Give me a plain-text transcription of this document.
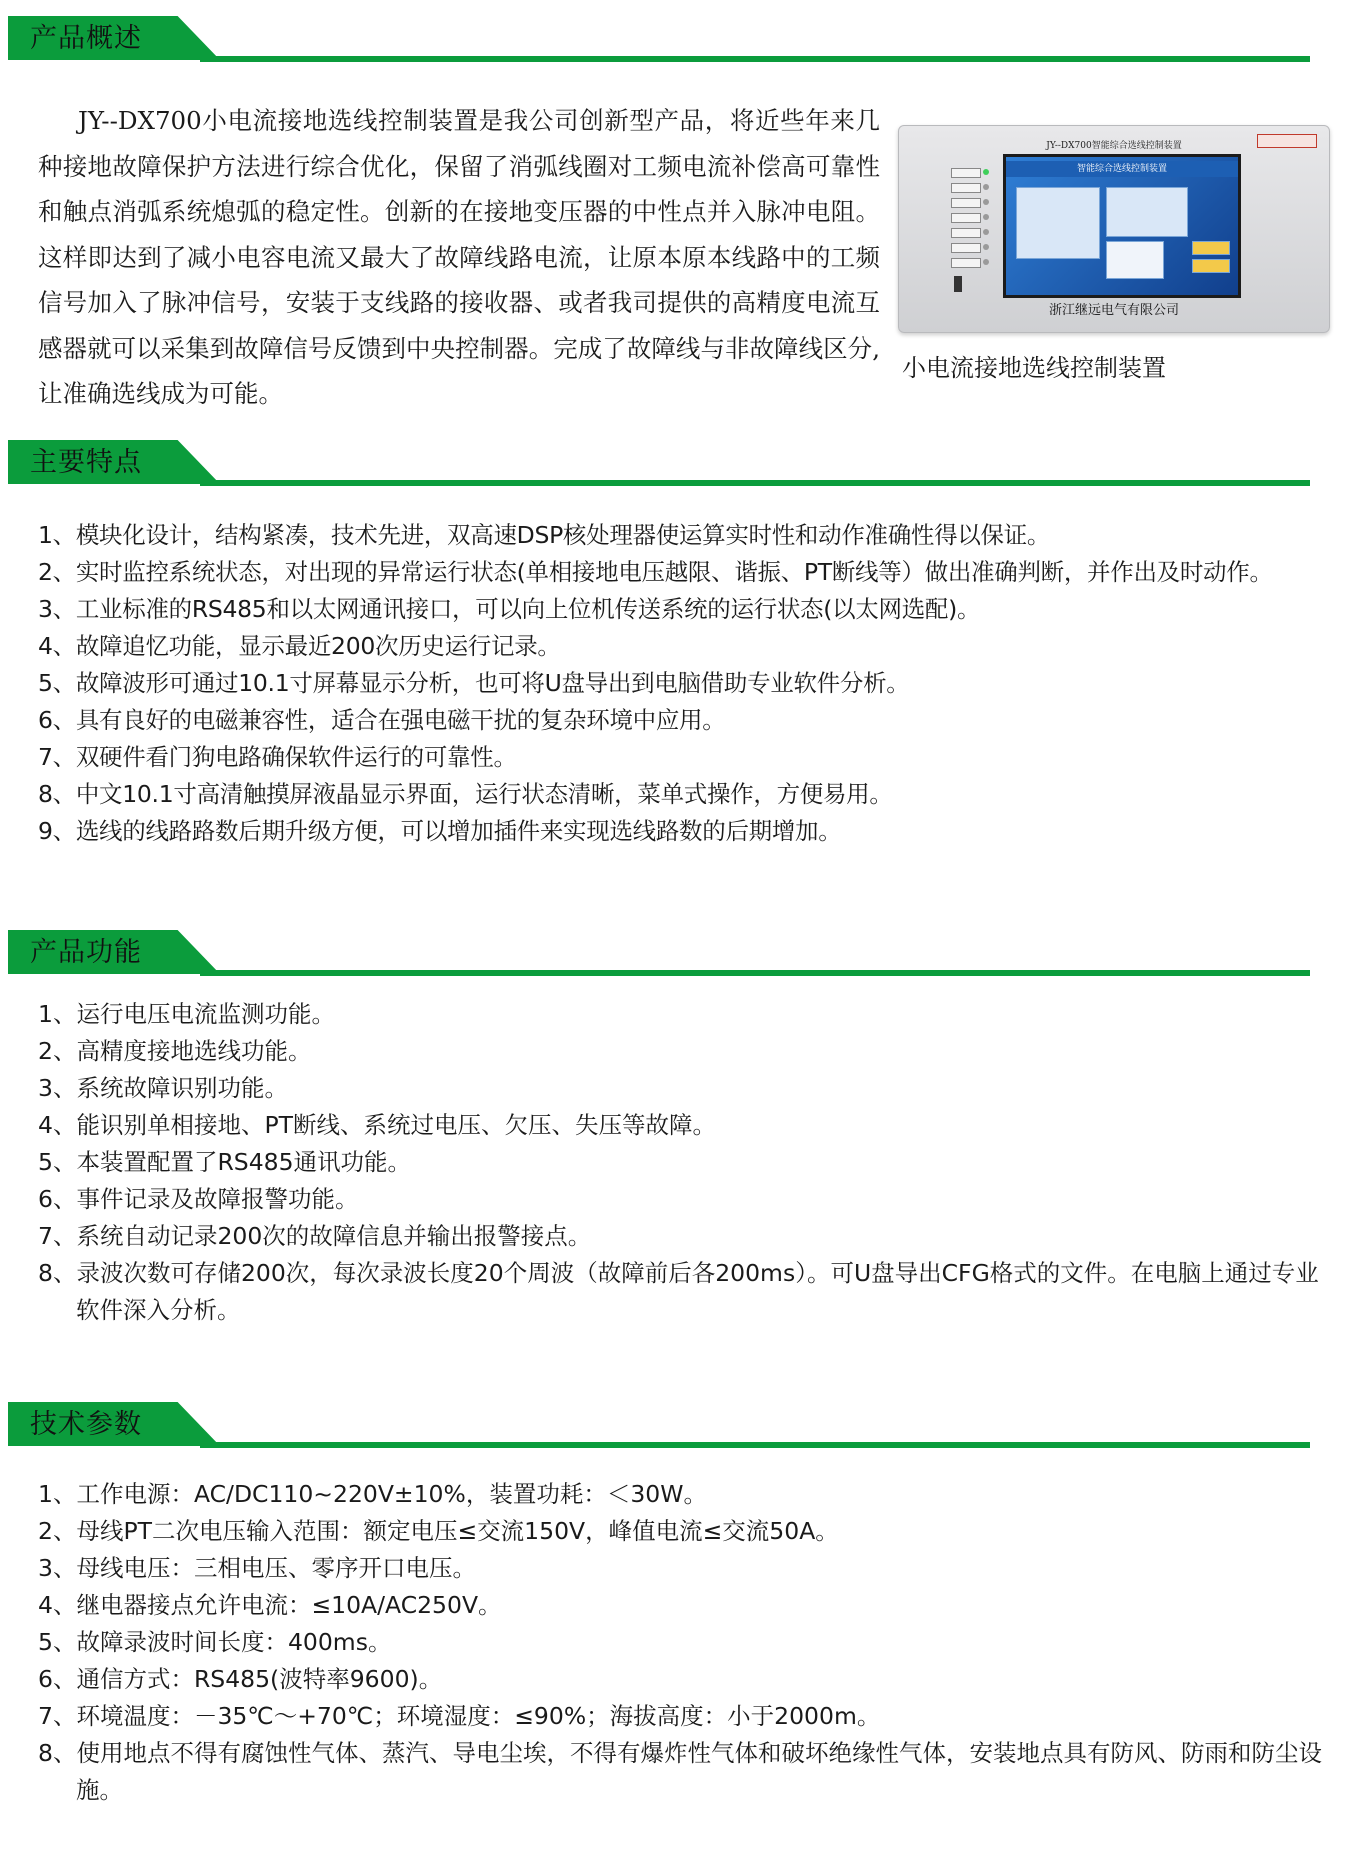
产品概述
JY--DX700小电流接地选线控制装置是我公司创新型产品，将近些年来几种接地故障保护方法进行综合优化，保留了消弧线圈对工频电流补偿高可靠性和触点消弧系统熄弧的稳定性。创新的在接地变压器的中性点并入脉冲电阻。这样即达到了减小电容电流又最大了故障线路电流，让原本原本线路中的工频信号加入了脉冲信号，安装于支线路的接收器、或者我司提供的高精度电流互感器就可以采集到故障信号反馈到中央控制器。完成了故障线与非故障线区分,让准确选线成为可能。
JY--DX700智能综合选线控制装置
智能综合选线控制装置
浙江继远电气有限公司
小电流接地选线控制装置
主要特点
1、模块化设计，结构紧凑，技术先进，双高速DSP核处理器使运算实时性和动作准确性得以保证。
2、实时监控系统状态，对出现的异常运行状态(单相接地电压越限、谐振、PT断线等）做出准确判断，并作出及时动作。
3、工业标准的RS485和以太网通讯接口，可以向上位机传送系统的运行状态(以太网选配)。
4、故障追忆功能，显示最近200次历史运行记录。
5、故障波形可通过10.1寸屏幕显示分析，也可将U盘导出到电脑借助专业软件分析。
6、具有良好的电磁兼容性，适合在强电磁干扰的复杂环境中应用。
7、双硬件看门狗电路确保软件运行的可靠性。
8、中文10.1寸高清触摸屏液晶显示界面，运行状态清晰，菜单式操作，方便易用。
9、选线的线路路数后期升级方便，可以增加插件来实现选线路数的后期增加。
产品功能
1、运行电压电流监测功能。
2、高精度接地选线功能。
3、系统故障识别功能。
4、能识别单相接地、PT断线、系统过电压、欠压、失压等故障。
5、本装置配置了RS485通讯功能。
6、事件记录及故障报警功能。
7、系统自动记录200次的故障信息并输出报警接点。
8、录波次数可存储200次，每次录波长度20个周波（故障前后各200ms）。可U盘导出CFG格式的文件。在电脑上通过专业软件深入分析。
技术参数
1、工作电源：AC/DC110~220V±10%，装置功耗：＜30W。
2、母线PT二次电压输入范围：额定电压≤交流150V，峰值电流≤交流50A。
3、母线电压：三相电压、零序开口电压。
4、继电器接点允许电流：≤10A/AC250V。
5、故障录波时间长度：400ms。
6、通信方式：RS485(波特率9600)。
7、环境温度：－35℃～+70℃；环境湿度：≤90%；海拔高度：小于2000m。
8、使用地点不得有腐蚀性气体、蒸汽、导电尘埃，不得有爆炸性气体和破坏绝缘性气体，安装地点具有防风、防雨和防尘设施。
